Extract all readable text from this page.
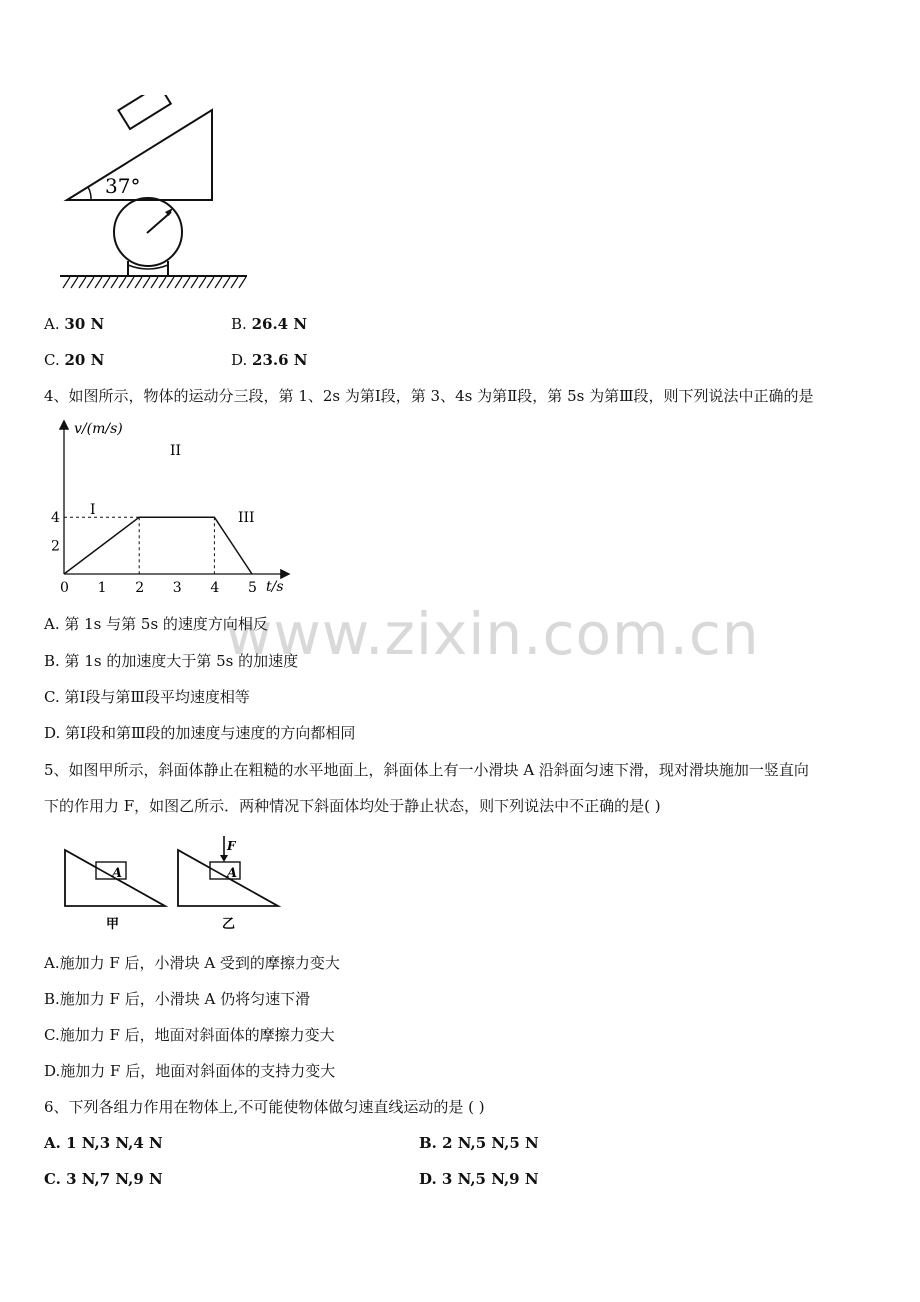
www.zixin.com.cn
37°
A. 30 N	B. 26.4 N
C. 20 N	D. 23.6 N
4、如图所示，物体的运动分三段，第 1、2s 为第Ⅰ段，第 3、4s 为第Ⅱ段，第 5s 为第Ⅲ段，则下列说法中正确的是
v/(m/s)
t/s
0 1 2 3 4 5
2
4
I
II
III
A. 第 1s 与第 5s 的速度方向相反
B. 第 1s 的加速度大于第 5s 的加速度
C. 第Ⅰ段与第Ⅲ段平均速度相等
D. 第Ⅰ段和第Ⅲ段的加速度与速度的方向都相同
5、如图甲所示，斜面体静止在粗糙的水平地面上，斜面体上有一小滑块 A 沿斜面匀速下滑，现对滑块施加一竖直向
下的作用力 F，如图乙所示．两种情况下斜面体均处于静止状态，则下列说法中不正确的是( )
A
甲
F
A
乙
A.施加力 F 后，小滑块 A 受到的摩擦力变大
B.施加力 F 后，小滑块 A 仍将匀速下滑
C.施加力 F 后，地面对斜面体的摩擦力变大
D.施加力 F 后，地面对斜面体的支持力变大
6、下列各组力作用在物体上,不可能使物体做匀速直线运动的是 ( )
A. 1 N,3 N,4 N	B. 2 N,5 N,5 N
C. 3 N,7 N,9 N	D. 3 N,5 N,9 N
